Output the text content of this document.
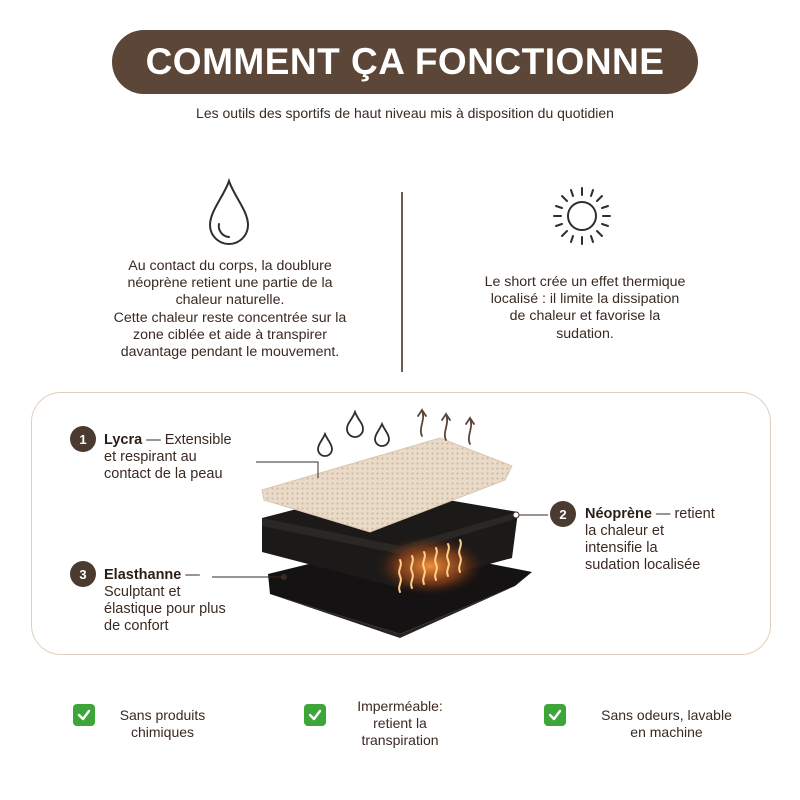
COMMENT ÇA FONCTIONNE
Les outils des sportifs de haut niveau mis à disposition du quotidien
Au contact du corps, la doublure
néoprène retient une partie de la
chaleur naturelle.
Cette chaleur reste concentrée sur la
zone ciblée et aide à transpirer
davantage pendant le mouvement.
Le short crée un effet thermique
localisé : il limite la dissipation
de chaleur et favorise la
sudation.
1	Lycra — Extensible
et respirant au
contact de la peau
2	Néoprène — retient
la chaleur et
intensifie la
sudation localisée
3	Elasthanne —
Sculptant et
élastique pour plus
de confort
Sans produits
chimiques
Imperméable:
retient la
transpiration
Sans odeurs, lavable
en machine
